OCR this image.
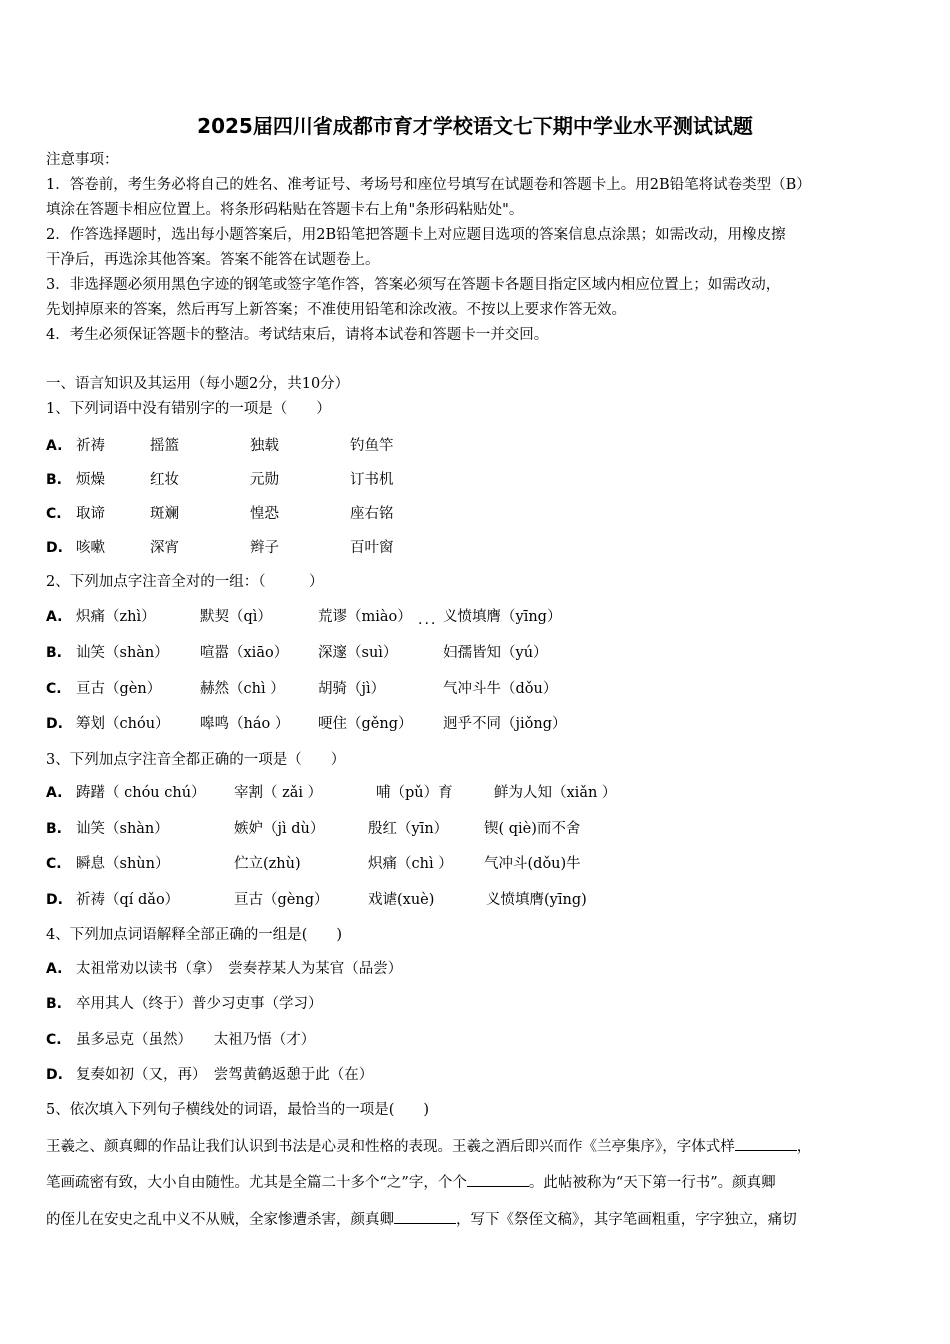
2025届四川省成都市育才学校语文七下期中学业水平测试试题
注意事项：
1．答卷前，考生务必将自己的姓名、准考证号、考场号和座位号填写在试题卷和答题卡上。用2B铅笔将试卷类型（B）
填涂在答题卡相应位置上。将条形码粘贴在答题卡右上角"条形码粘贴处"。
2．作答选择题时，选出每小题答案后，用2B铅笔把答题卡上对应题目选项的答案信息点涂黑；如需改动，用橡皮擦
干净后，再选涂其他答案。答案不能答在试题卷上。
3．非选择题必须用黑色字迹的钢笔或签字笔作答，答案必须写在答题卡各题目指定区域内相应位置上；如需改动，
先划掉原来的答案，然后再写上新答案；不准使用铅笔和涂改液。不按以上要求作答无效。
4．考生必须保证答题卡的整洁。考试结束后，请将本试卷和答题卡一并交回。
一、语言知识及其运用（每小题2分，共10分）
1、下列词语中没有错别字的一项是（　　）
A. 祈祷	摇篮	独载	钓鱼竿
B. 烦燥	红妆	元勋	订书机
C. 取谛	斑斓	惶恐	座右铭
D. 咳嗽	深宵	辫子	百叶窗
2、下列加点字注音全对的一组：（　　　）
A. 炽痛（zhì）	默契（qì）	荒谬（miào） ... 义愤填膺（yīng）
B. 讪笑（shàn） 喧嚣（xiāo） 深邃（suì）	妇孺皆知（yú）
C. 亘古（gèn）	赫然（chì ） 胡骑（jì）	气冲斗牛（dǒu）
D. 筹划（chóu） 嗥鸣（háo ） 哽住（gěng） 迥乎不同（jiǒng）
3、下列加点字注音全都正确的一项是（　　）
A. 踌躇（ chóu chú） 宰割（ zǎi ）	哺（pǔ）育	鲜为人知（xiǎn ）
B. 讪笑（shàn）	嫉妒（jì dù）	殷红（yīn） 锲( qiè)而不舍
C. 瞬息（shùn）	伫立(zhù)	炽痛（chì ） 气冲斗(dǒu)牛
D. 祈祷（qí dǎo）	亘古（gèng）	戏谑(xuè)	义愤填膺(yīng)
4、下列加点词语解释全部正确的一组是(　　)
A. 太祖常劝以读书（拿）　尝奏荐某人为某官（品尝）
B. 卒用其人（终于）普少习吏事（学习）
C. 虽多忌克（虽然）　　太祖乃悟（才）
D. 复奏如初（又，再）　尝驾黄鹤返憩于此（在）
5、依次填入下列句子横线处的词语，最恰当的一项是(　　)
王羲之、颜真卿的作品让我们认识到书法是心灵和性格的表现。王羲之酒后即兴而作《兰亭集序》，字体式样	，
笔画疏密有致，大小自由随性。尤其是全篇二十多个“之”字，个个	。此帖被称为“天下第一行书”。颜真卿
的侄儿在安史之乱中义不从贼，全家惨遭杀害，颜真卿	，写下《祭侄文稿》，其字笔画粗重，字字独立，痛切
